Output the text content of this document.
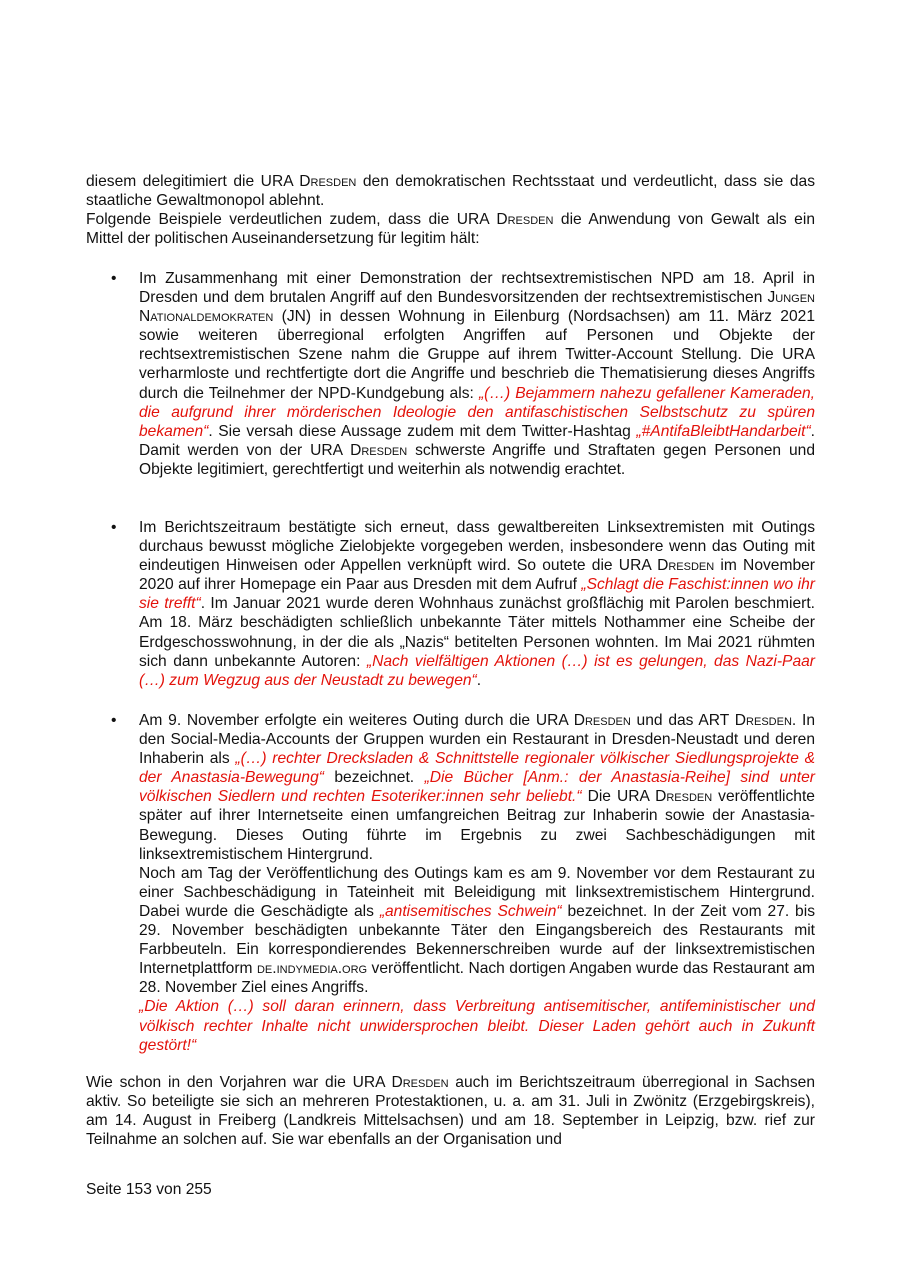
diesem delegitimiert die URA Dresden den demokratischen Rechtsstaat und verdeutlicht, dass sie das staatliche Gewaltmonopol ablehnt.
Folgende Beispiele verdeutlichen zudem, dass die URA Dresden die Anwendung von Gewalt als ein Mittel der politischen Auseinandersetzung für legitim hält:
• Im Zusammenhang mit einer Demonstration der rechtsextremistischen NPD am 18. April in Dresden und dem brutalen Angriff auf den Bundesvorsitzenden der rechtsextremistischen Jungen Nationaldemokraten (JN) in dessen Wohnung in Eilenburg (Nordsachsen) am 11. März 2021 sowie weiteren überregional erfolgten Angriffen auf Personen und Objekte der rechtsextremistischen Szene nahm die Gruppe auf ihrem Twitter-Account Stellung. Die URA verharmloste und rechtfertigte dort die Angriffe und beschrieb die Thematisierung dieses Angriffs durch die Teilnehmer der NPD-Kundgebung als: „(…) Bejammern nahezu gefallener Kameraden, die aufgrund ihrer mörderischen Ideologie den antifaschistischen Selbstschutz zu spüren bekamen“. Sie versah diese Aussage zudem mit dem Twitter-Hashtag „#AntifaBleibtHandarbeit“. Damit werden von der URA Dresden schwerste Angriffe und Straftaten gegen Personen und Objekte legitimiert, gerechtfertigt und weiterhin als notwendig erachtet.
• Im Berichtszeitraum bestätigte sich erneut, dass gewaltbereiten Linksextremisten mit Outings durchaus bewusst mögliche Zielobjekte vorgegeben werden, insbesondere wenn das Outing mit eindeutigen Hinweisen oder Appellen verknüpft wird. So outete die URA Dresden im November 2020 auf ihrer Homepage ein Paar aus Dresden mit dem Aufruf „Schlagt die Faschist:innen wo ihr sie trefft“. Im Januar 2021 wurde deren Wohnhaus zunächst großflächig mit Parolen beschmiert. Am 18. März beschädigten schließlich unbekannte Täter mittels Nothammer eine Scheibe der Erdgeschosswohnung, in der die als „Nazis“ betitelten Personen wohnten. Im Mai 2021 rühmten sich dann unbekannte Autoren: „Nach vielfältigen Aktionen (…) ist es gelungen, das Nazi-Paar (…) zum Wegzug aus der Neustadt zu bewegen“.
• Am 9. November erfolgte ein weiteres Outing durch die URA Dresden und das ART Dresden. In den Social-Media-Accounts der Gruppen wurden ein Restaurant in Dresden-Neustadt und deren Inhaberin als „(…) rechter Drecksladen & Schnittstelle regionaler völkischer Siedlungsprojekte & der Anastasia-Bewegung“ bezeichnet. „Die Bücher [Anm.: der Anastasia-Reihe] sind unter völkischen Siedlern und rechten Esoteriker:innen sehr beliebt.“ Die URA Dresden veröffentlichte später auf ihrer Internetseite einen umfangreichen Beitrag zur Inhaberin sowie der Anastasia-Bewegung. Dieses Outing führte im Ergebnis zu zwei Sachbeschädigungen mit linksextremistischem Hintergrund.
Noch am Tag der Veröffentlichung des Outings kam es am 9. November vor dem Restaurant zu einer Sachbeschädigung in Tateinheit mit Beleidigung mit linksextremistischem Hintergrund. Dabei wurde die Geschädigte als „antisemitisches Schwein“ bezeichnet. In der Zeit vom 27. bis 29. November beschädigten unbekannte Täter den Eingangsbereich des Restaurants mit Farbbeuteln. Ein korrespondierendes Bekennerschreiben wurde auf der linksextremistischen Internetplattform de.indymedia.org veröffentlicht. Nach dortigen Angaben wurde das Restaurant am 28. November Ziel eines Angriffs.
„Die Aktion (…) soll daran erinnern, dass Verbreitung antisemitischer, antifeministischer und völkisch rechter Inhalte nicht unwidersprochen bleibt. Dieser Laden gehört auch in Zukunft gestört!“
Wie schon in den Vorjahren war die URA Dresden auch im Berichtszeitraum überregional in Sachsen aktiv. So beteiligte sie sich an mehreren Protestaktionen, u. a. am 31. Juli in Zwönitz (Erzgebirgskreis), am 14. August in Freiberg (Landkreis Mittelsachsen) und am 18. September in Leipzig, bzw. rief zur Teilnahme an solchen auf. Sie war ebenfalls an der Organisation und
Seite 153 von 255
